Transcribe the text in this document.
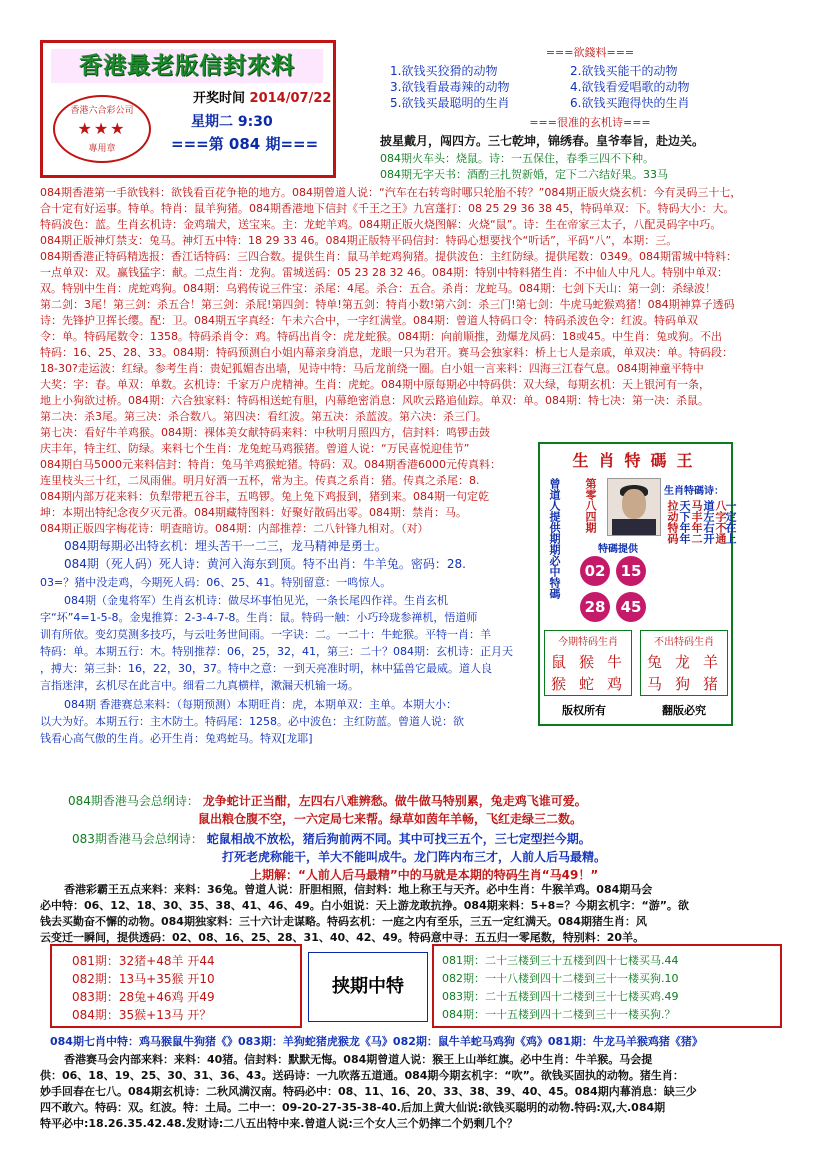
香港最老版信封來料
香港六合彩公司
★★★
專用章
开奖时间 2014/07/22
星期二 9:30
===第 084 期===
===欲錢料===
1.欲钱买狡猾的动物	2.欲钱买能干的动物
3.欲钱看最毒辣的动物	4.欲钱看爱唱歌的动物
5.欲钱买最聪明的生肖	6.欲钱买跑得快的生肖
===很准的玄机诗===
披星戴月，闯四方。三七乾坤，锦绣春。皇爷奉旨，赴边关。
084期火车头：烧鼠。诗：一五保住，春季三四不下种。
084期无字天书：酒酌三扎贺新婚，定下二六结好果。33马
084期香港第一手欲钱料：欲钱看百花争艳的地方。084期曾道人说：“汽车在右转弯时哪只轮胎不转？”084期正版火烧玄机：今有灵码三十七，
合十定有好运事。特单。特肖：鼠羊狗猪。084期香港地下信封《千王之王》九宫蓬打：08 25 29 36 38 45，特码单双：下。特码大小：大。
特码波色：蓝。生肖玄机诗：金鸡瑞犬，送宝来。主：龙蛇羊鸡。084期正版火烧图解：火烧“鼠”。诗：生在帝家三太子，八配灵码字中巧。
084期正版神灯禁支：兔马。神灯五中特：18 29 33 46。084期正版特平码信封：特码心想要找个“听话”，平码“八”，本期：三。
084期香港正特码精选报：香江话特码：三四合数。提供生肖：鼠马羊蛇鸡狗猪。提供波色：主红防绿。提供尾数：0349。084期雷城中特料：
一点单双：双。赢钱猛字：献。二点生肖：龙狗。雷城送码：05 23 28 32 46。084期：特别中特料猪生肖：不中仙人中凡人。特别中单双：
双。特别中生肖：虎蛇鸡狗。084期：乌鸦传说三件宝：杀尾：4尾。杀合：五合。杀肖：龙蛇马。084期：七剑下天山：第一剑：杀绿波！
第二剑：3尾！第三剑：杀五合！第三剑：杀屁!第四剑：特单!第五剑：特肖小数!第六剑：杀三门!第七剑：牛虎马蛇猴鸡猪！084期神算子透码
诗：先锋护卫挥长缨。配：卫。084期五字真经：午未六合中，一字红满堂。084期：曾道人特码口令：特码杀波色令：红波。特码单双
令：单。特码尾数令：1358。特码杀肖令：鸡。特码出肖令：虎龙蛇猴。084期：向前顺推，劲爆龙凤码：18或45。中生肖：兔或狗。不出
特码：16、25、28、33。084期：特码预测白小姐内幕亲身消息，龙眼一只为君开。赛马会独家料：桥上七人是亲戚，单双决：单。特码段：
18-30?走运波：红绿。参考生肖：贵妃狐媚杏出墙，见诗中特：马后龙前绕一圈。白小姐一言来料：四海三江春气息。084期神童平特中
大奖：字：春。单双：单数。玄机诗：千家万户虎精神。生肖：虎蛇。084期中原每期必中特码供：双大绿，每期玄机：天上银河有一条，
地上小狗欲过桥。084期：六合独家料：特码相送蛇有胆，内幕绝密消息：风吹云路追仙踪。单双：单。084期：特七决：第一决：杀鼠。
第二决：杀3尾。第三决：杀合数八。第四决：看红波。第五决：杀蓝波。第六决：杀三门。
第七决：看好牛羊鸡猴。084期：裸体美女献特码来料：中秋明月照四方，信封料：鸣锣击鼓
庆丰年，特主红、防绿。来料七个生肖：龙兔蛇马鸡猴猪。曾道人说：“万民喜悦迎佳节”
084期白马5000元来料信封：特肖：兔马羊鸡猴蛇猪。特码：双。084期香港6000元传真料：
连里枝头三十红，二凤雨催。明月好酒一五杯，常为主。传真之系肖：猪。传真之杀尾：8.
084期内部万花来料：负犁带耙五谷丰，五鸣锣。兔上兔下鸡报到，猪到来。084期一句定乾
坤：本期出特纪念夜夕灭元番。084期藏特图料：好聚好散码出零。084期：禁肖：马。
084期正版四字梅花诗：明查暗访。084期：内部推荐：二八针锋九相对。（对）
084期每期必出特玄机：埋头苦干一二三，龙马精神是勇士。
084期（死人码）死人诗：黄河入海东到顶。特不出肖：牛羊兔。密码：28.
03=？猪中没走鸡，今期死人码：06、25、41。特别留意：一鸣惊人。
084期（金鬼将军）生肖玄机诗：做尽坏事怕见光，一条长尾四作祥。生肖玄机
字“坏”4=1-5-8。金鬼推算：2-3-4-7-8。生肖：鼠。特码一触：小巧玲珑参禅机，悟道师
训有所依。变幻莫测多技巧，与云吐务世间雨。一字诀：二。一二十：牛蛇猴。平特一肖：羊
特码：单。本期五行：木。特别推荐：06，25，32，41，第三：二十？084期：玄机诗：正月天
，搏大：第三卦：16，22，30，37。特中之意：一到天亮准时明，林中猛兽它最威。道人良
言指迷津，玄机尽在此言中。细看二九真横样，漱漏天机输一场。
084期 香港赛总来料：（每期预测）本期旺肖：虎，本期单双：主单。本期大小：
以大为好。本期五行：主木防土。特码尾：1258。必中波色：主红防蓝。曾道人说：欲
钱看心高气傲的生肖。必开生肖：兔鸡蛇马。特双[龙耶]
生肖特碼王
曾道人提供期期必中特碼 第零八四期	生肖特碼诗：
拉动特码 天下年年 马丰年二 道左右开 八字不通
一定在上
特碼提供
02	15
28	45
今期特码生肖
鼠 猴 牛
猴 蛇 鸡
不出特码生肖
兔 龙 羊
马 狗 猪
版权所有	翻版必究
084期香港马会总纲诗： 龙争蛇计正当酣，左四右八难辨愁。做牛做马特别累，兔走鸡飞谁可爱。
鼠出粮仓腹不空，一六定局七来帮。绿草如茵年羊畅，飞红走绿三二数。
083期香港马会总纲诗： 蛇鼠相战不放松，猪后狗前两不同。其中可找三五个，三七定型拦今期。
打死老虎称能干，羊大不能叫成牛。龙门阵内布三才，人前人后马最精。
上期解：“人前人后马最精”中的马就是本期的特码生肖“马49！”
香港彩霸王五点来料：来料：36兔。曾道人说：肝胆相照，信封料：地上称王与天齐。必中生肖：牛猴羊鸡。084期马会
必中特：06、12、18、30、35、38、41、46、49。白小姐说：天上游龙敢抗挣。084期来料：5+8=？今期玄机字：“游”。欲
钱去买勤奋不懈的动物。084期独家料：三十六计走谋略。特码玄机：一庭之内有至乐，三五一定红满天。084期猪生肖：风
云变迁一瞬间，提供透码：02、08、16、25、28、31、40、42、49。特码意中寻：五五归一零尾数，特别料：20羊。
081期：32猪+48羊 开44
082期：13马+35猴 开10
083期：28兔+46鸡 开49
084期：35猴+13马 开？
挟期中特
081期：二十三楼到三十五楼到四十七楼买马.44
082期：一十八楼到四十二楼到三十一楼买狗.10
083期：二十五楼到四十二楼到三十七楼买鸡.49
084期：一十五楼到四十二楼到三十一楼买狗.？
084期七肖中特：鸡马猴鼠牛狗猪《》083期：羊狗蛇猪虎猴龙《马》082期：鼠牛羊蛇马鸡狗《鸡》081期：牛龙马羊猴鸡猪《猪》
香港赛马会内部来料：来料：40猪。信封料：默默无悔。084期曾道人说：猴王上山举红旗。必中生肖：牛羊猴。马会提
供：06、18、19、25、30、31、36、43。送码诗：一九吹落五道通。084期今期玄机字：“吹”。欲钱买固执的动物。猪生肖：
妙手回春在七八。084期玄机诗：二秋风满汉南。特码必中：08、11、16、20、33、38、39、40、45。084期内幕消息：缺三少
四不敢六。特码：双。红波。特：土局。二中一：09-20-27-35-38-40.后加上黄大仙说:欲钱买聪明的动物.特码:双,大.084期
特平必中:18.26.35.42.48.发财诗:二八五出特中来.曾道人说:三个女人三个奶摔二个奶剩几个？
